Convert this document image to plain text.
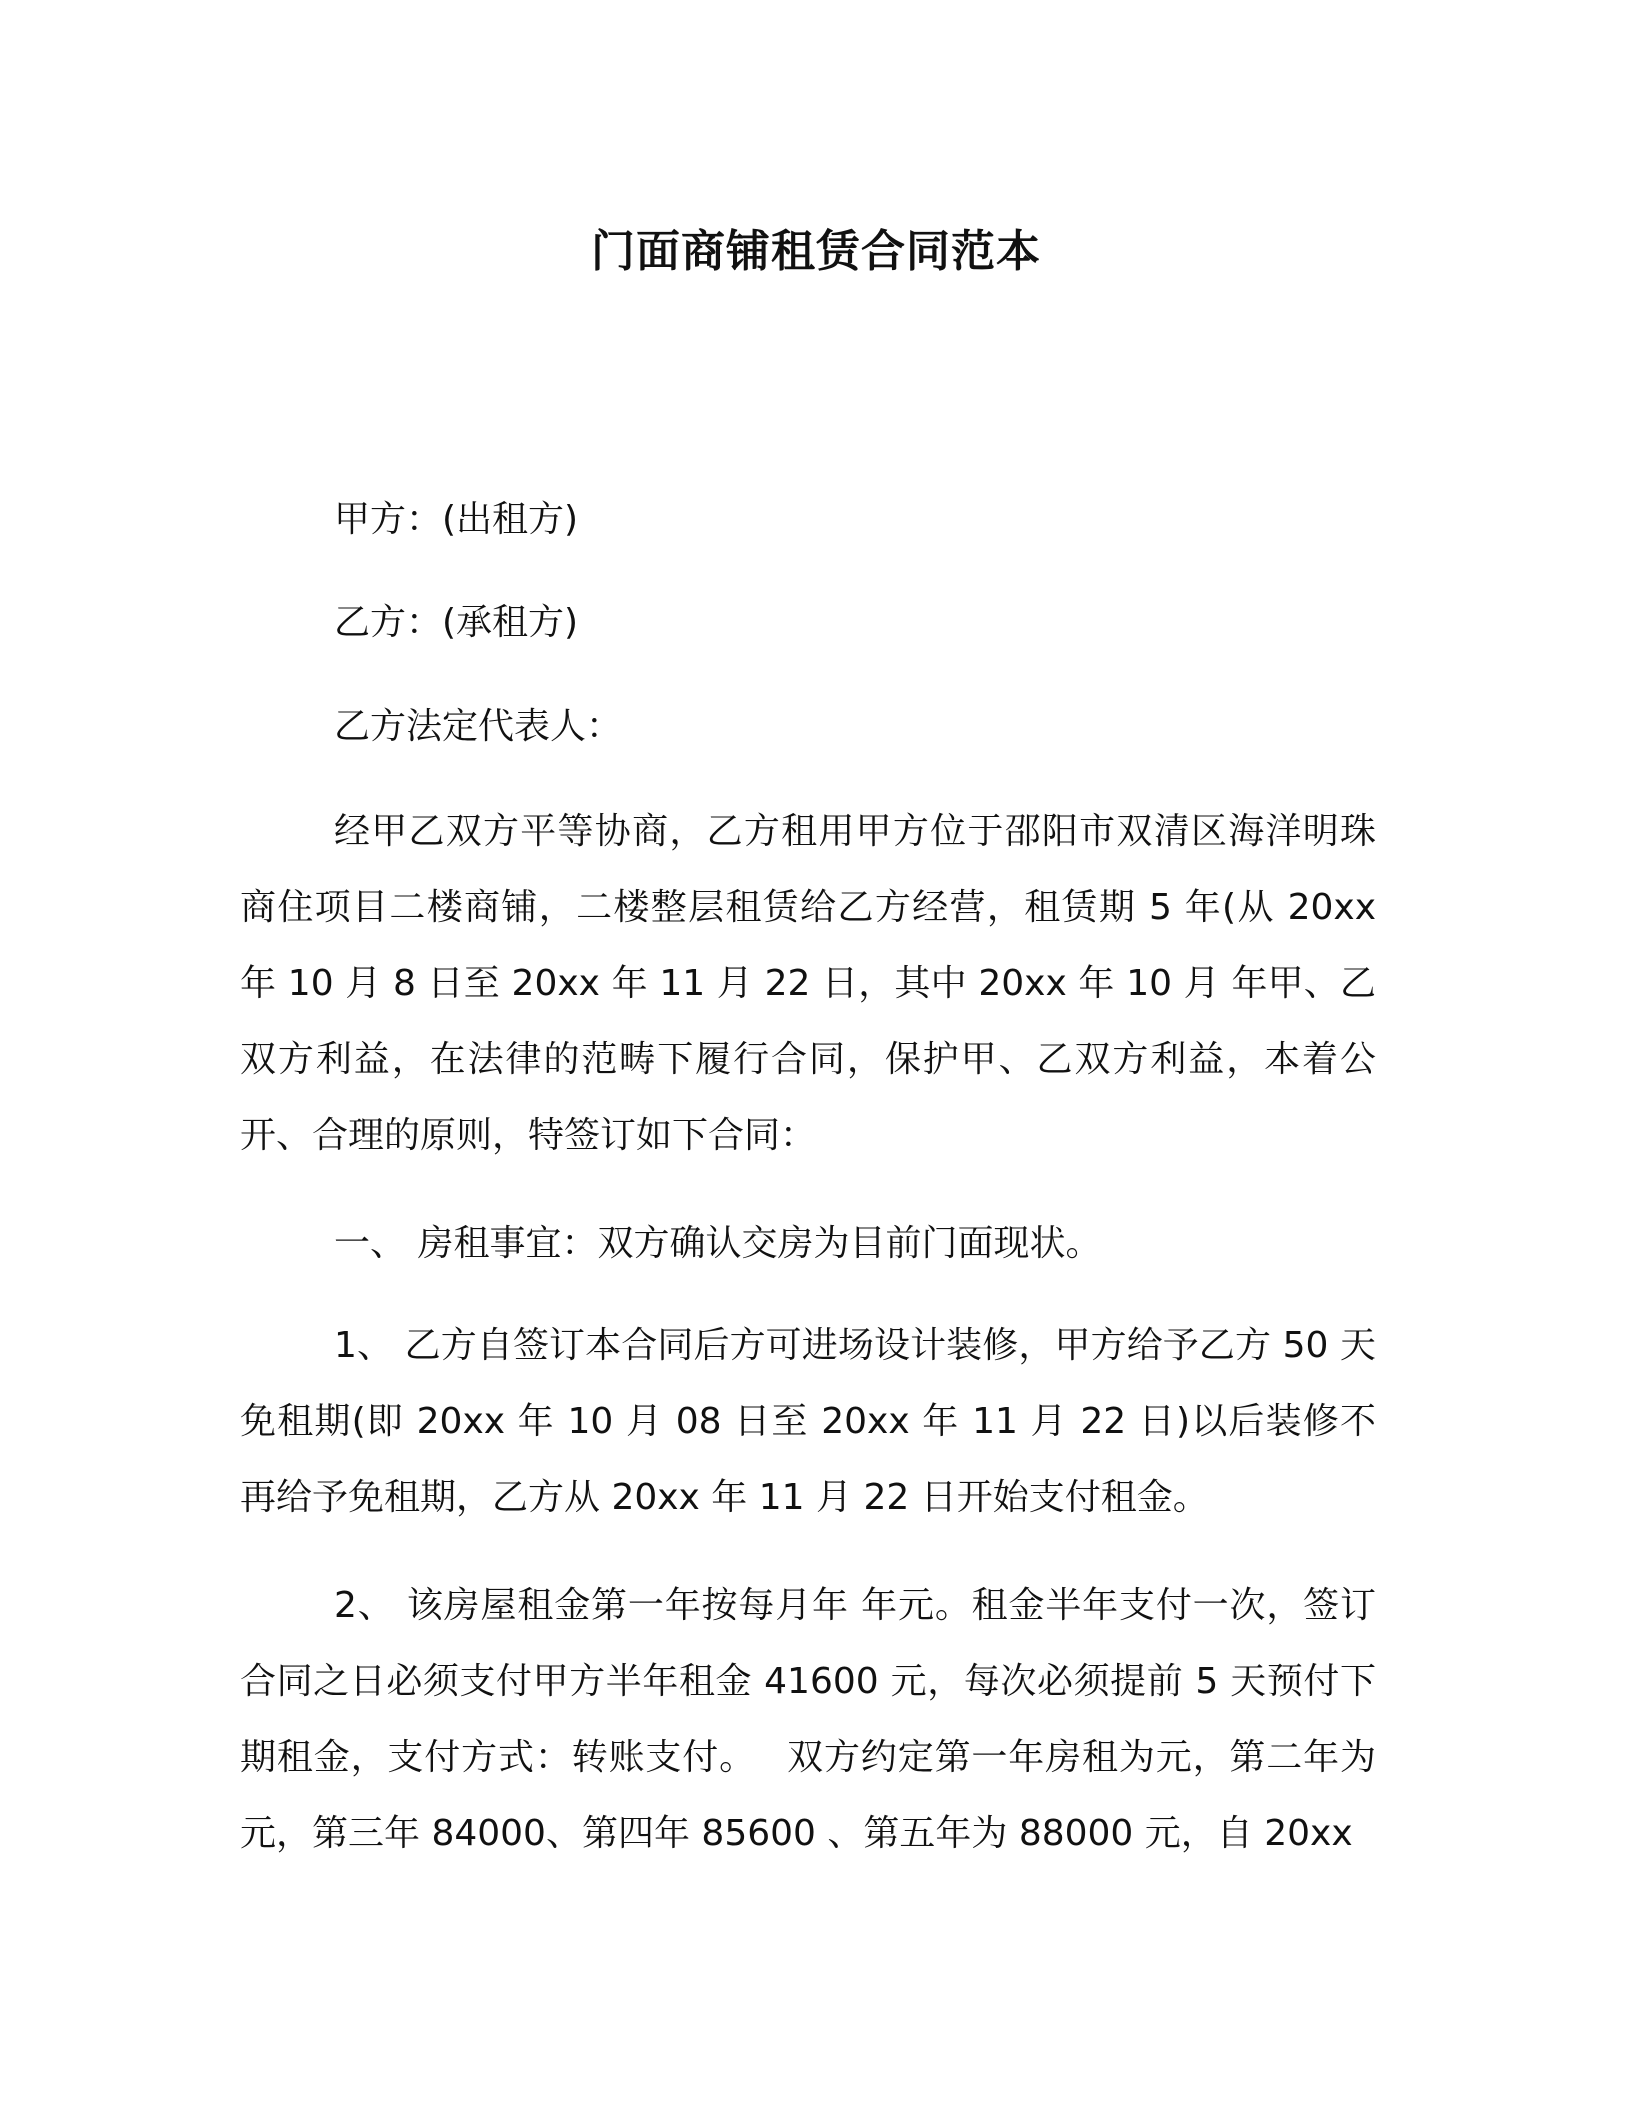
门面商铺租赁合同范本
甲方：(出租方)
乙方：(承租方)
乙方法定代表人：
经甲乙双方平等协商，乙方租用甲方位于邵阳市双清区海洋明珠商住项目二楼商铺，二楼整层租赁给乙方经营，租赁期 5 年(从 20xx 年 10 月 8 日至 20xx 年 11 月 22 日，其中 20xx 年 10 月 年甲、乙双方利益，在法律的范畴下履行合同，保护甲、乙双方利益，本着公开、合理的原则，特签订如下合同：
一、 房租事宜：双方确认交房为目前门面现状。
1、 乙方自签订本合同后方可进场设计装修，甲方给予乙方 50 天免租期(即 20xx 年 10 月 08 日至 20xx 年 11 月 22 日)以后装修不再给予免租期，乙方从 20xx 年 11 月 22 日开始支付租金。
2、 该房屋租金第一年按每月年 年元。租金半年支付一次，签订合同之日必须支付甲方半年租金 41600 元，每次必须提前 5 天预付下期租金，支付方式：转账支付。　 双方约定第一年房租为元，第二年为元，第三年 84000、第四年 85600 、第五年为 88000 元，自 20xx
